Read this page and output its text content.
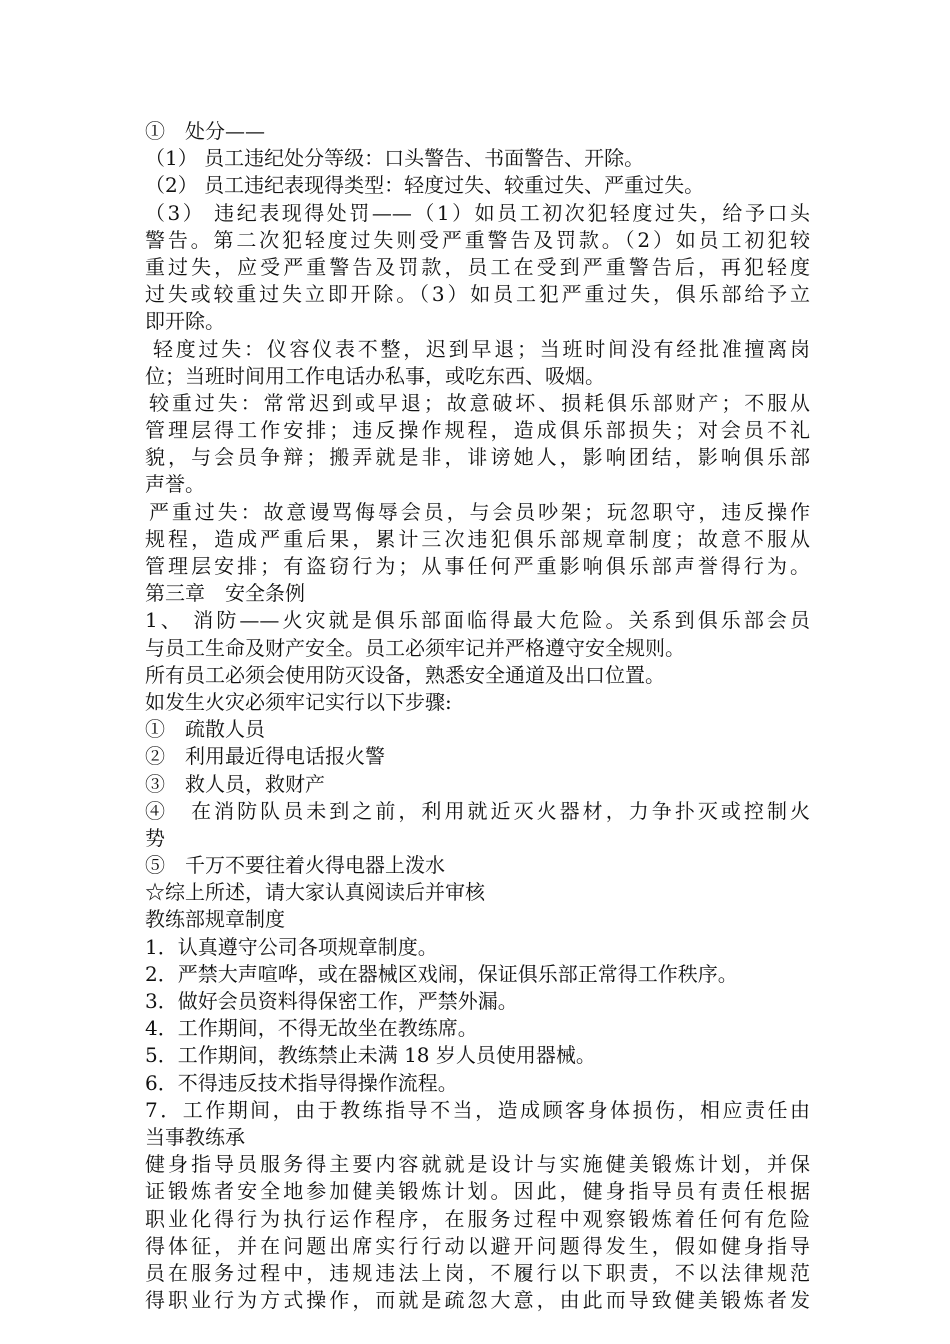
①　处分——
（1） 员工违纪处分等级：口头警告、书面警告、开除。
（2） 员工违纪表现得类型：轻度过失、较重过失、严重过失。
（3） 违纪表现得处罚——（1）如员工初次犯轻度过失，给予口头
警告。第二次犯轻度过失则受严重警告及罚款。（2）如员工初犯较
重过失，应受严重警告及罚款，员工在受到严重警告后，再犯轻度
过失或较重过失立即开除。（3）如员工犯严重过失，俱乐部给予立
即开除。
轻度过失：仪容仪表不整，迟到早退；当班时间没有经批准擅离岗
位；当班时间用工作电话办私事，或吃东西、吸烟。
较重过失：常常迟到或早退；故意破坏、损耗俱乐部财产；不服从
管理层得工作安排；违反操作规程，造成俱乐部损失；对会员不礼
貌，与会员争辩；搬弄就是非，诽谤她人，影响团结，影响俱乐部
声誉。
严重过失：故意谩骂侮辱会员，与会员吵架；玩忽职守，违反操作
规程，造成严重后果，累计三次违犯俱乐部规章制度；故意不服从
管理层安排；有盗窃行为；从事任何严重影响俱乐部声誉得行为。
第三章　安全条例
1、 消防——火灾就是俱乐部面临得最大危险。关系到俱乐部会员
与员工生命及财产安全。员工必须牢记并严格遵守安全规则。
所有员工必须会使用防灭设备，熟悉安全通道及出口位置。
如发生火灾必须牢记实行以下步骤:
①　疏散人员
②　利用最近得电话报火警
③　救人员，救财产
④　在消防队员未到之前，利用就近灭火器材，力争扑灭或控制火
势
⑤　千万不要往着火得电器上泼水
☆综上所述，请大家认真阅读后并审核
教练部规章制度
1．认真遵守公司各项规章制度。
2．严禁大声喧哗，或在器械区戏闹，保证俱乐部正常得工作秩序。
3．做好会员资料得保密工作，严禁外漏。
4．工作期间，不得无故坐在教练席。
5．工作期间，教练禁止未满 18 岁人员使用器械。
6．不得违反技术指导得操作流程。
7．工作期间，由于教练指导不当，造成顾客身体损伤，相应责任由
当事教练承
健身指导员服务得主要内容就就是设计与实施健美锻炼计划，并保
证锻炼者安全地参加健美锻炼计划。因此，健身指导员有责任根据
职业化得行为执行运作程序，在服务过程中观察锻炼着任何有危险
得体征，并在问题出席实行行动以避开问题得发生，假如健身指导
员在服务过程中，违规违法上岗，不履行以下职责，不以法律规范
得职业行为方式操作，而就是疏忽大意，由此而导致健美锻炼者发
